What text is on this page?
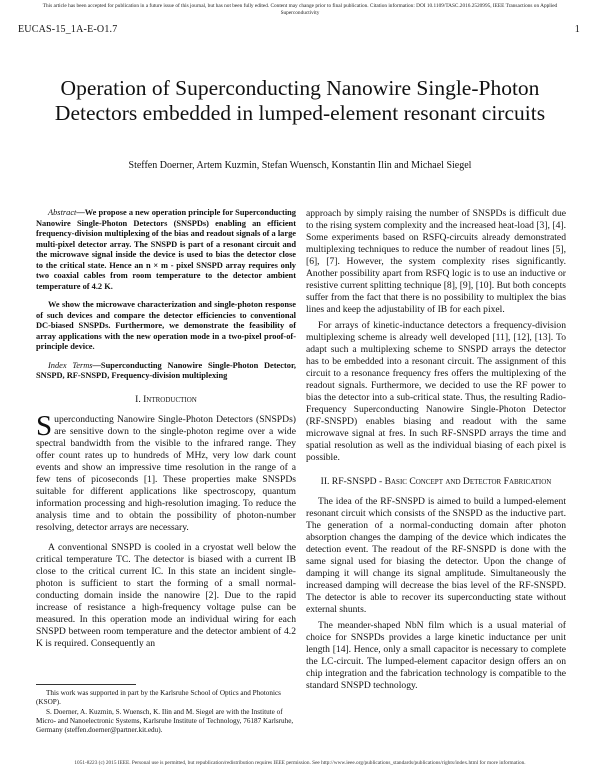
This article has been accepted for publication in a future issue of this journal, but has not been fully edited. Content may change prior to final publication. Citation information: DOI 10.1109/TASC.2016.2520995, IEEE Transactions on Applied Superconductivity
EUCAS-15_1A-E-O1.7	1
Operation of Superconducting Nanowire Single-Photon Detectors embedded in lumped-element resonant circuits
Steffen Doerner, Artem Kuzmin, Stefan Wuensch, Konstantin Ilin and Michael Siegel

Abstract—We propose a new operation principle for Superconducting Nanowire Single-Photon Detectors (SNSPDs) enabling an efficient frequency-division multiplexing of the bias and readout signals of a large multi-pixel detector array. The SNSPD is part of a resonant circuit and the microwave signal inside the device is used to bias the detector close to the critical state. Hence an n × m - pixel SNSPD array requires only two coaxial cables from room temperature to the detector ambient temperature of 4.2 K.

We show the microwave characterization and single-photon response of such devices and compare the detector efficiencies to conventional DC-biased SNSPDs. Furthermore, we demonstrate the feasibility of array applications with the new operation mode in a two-pixel proof-of-principle device.

Index Terms—Superconducting Nanowire Single-Photon Detector, SNSPD, RF-SNSPD, Frequency-division multiplexing

I. Introduction

Superconducting Nanowire Single-Photon Detectors (SNSPDs) are sensitive down to the single-photon regime over a wide spectral bandwidth from the visible to the infrared range. They offer count rates up to hundreds of MHz, very low dark count events and show an impressive time resolution in the range of a few tens of picoseconds [1]. These properties make SNSPDs suitable for different applications like spectroscopy, quantum information processing and high-resolution imaging. To reduce the analysis time and to obtain the possibility of photon-number resolving, detector arrays are necessary.

A conventional SNSPD is cooled in a cryostat well below the critical temperature TC. The detector is biased with a current IB close to the critical current IC. In this state an incident single-photon is sufficient to start the forming of a small normal-conducting domain inside the nanowire [2]. Due to the rapid increase of resistance a high-frequency voltage pulse can be measured. In this operation mode an individual wiring for each SNSPD between room temperature and the detector ambient of 4.2 K is required. Consequently an

This work was supported in part by the Karlsruhe School of Optics and Photonics (KSOP).

S. Doerner, A. Kuzmin, S. Wuensch, K. Ilin and M. Siegel are with the Institute of Micro- and Nanoelectronic Systems, Karlsruhe Institute of Technology, 76187 Karlsruhe, Germany (steffen.doerner@partner.kit.edu).

approach by simply raising the number of SNSPDs is difficult due to the rising system complexity and the increased heat-load [3], [4]. Some experiments based on RSFQ-circuits already demonstrated multiplexing techniques to reduce the number of readout lines [5], [6], [7]. However, the system complexity rises significantly. Another possibility apart from RSFQ logic is to use an inductive or resistive current splitting technique [8], [9], [10]. But both concepts suffer from the fact that there is no possibility to multiplex the bias lines and keep the adjustability of IB for each pixel.

For arrays of kinetic-inductance detectors a frequency-division multiplexing scheme is already well developed [11], [12], [13]. To adapt such a multiplexing scheme to SNSPD arrays the detector has to be embedded into a resonant circuit. The assignment of this circuit to a resonance frequency fres offers the multiplexing of the readout signals. Furthermore, we decided to use the RF power to bias the detector into a sub-critical state. Thus, the resulting Radio-Frequency Superconducting Nanowire Single-Photon Detector (RF-SNSPD) enables biasing and readout with the same microwave signal at fres. In such RF-SNSPD arrays the time and spatial resolution as well as the individual biasing of each pixel is possible.

II. RF-SNSPD - Basic Concept and Detector Fabrication

The idea of the RF-SNSPD is aimed to build a lumped-element resonant circuit which consists of the SNSPD as the inductive part. The generation of a normal-conducting domain after photon absorption changes the damping of the device which indicates the detection event. The readout of the RF-SNSPD is done with the same signal used for biasing the detector. Upon the change of damping it will change its signal amplitude. Simultaneously the increased damping will decrease the bias level of the RF-SNSPD. The detector is able to recover its superconducting state without external shunts.

The meander-shaped NbN film which is a usual material of choice for SNSPDs provides a large kinetic inductance per unit length [14]. Hence, only a small capacitor is necessary to complete the LC-circuit. The lumped-element capacitor design offers an on chip integration and the fabrication technology is compatible to the standard SNSPD technology.

1051-8223 (c) 2015 IEEE. Personal use is permitted, but republication/redistribution requires IEEE permission. See http://www.ieee.org/publications_standards/publications/rights/index.html for more information.
